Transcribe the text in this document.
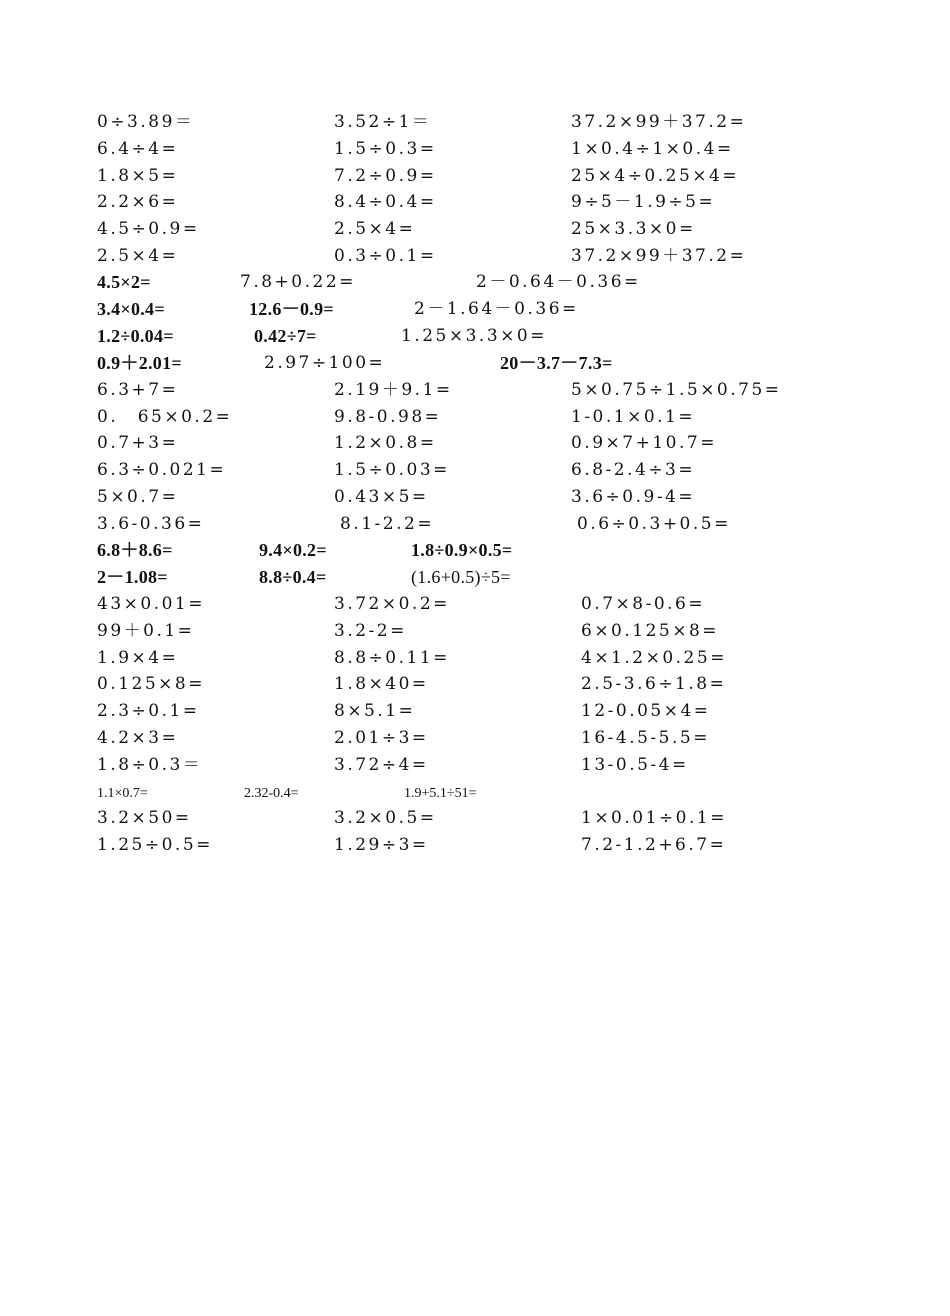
0÷3.89＝	3.52÷1＝	37.2×99＋37.2=
6.4÷4=	1.5÷0.3=	1×0.4÷1×0.4=
1.8×5=	7.2÷0.9=	25×4÷0.25×4=
2.2×6=	8.4÷0.4=	9÷5－1.9÷5=
4.5÷0.9=	2.5×4=	25×3.3×0=
2.5×4=	0.3÷0.1=	37.2×99＋37.2=
4.5×2=	7.8+0.22=	2－0.64－0.36=
3.4×0.4=	12.6－0.9=	2－1.64－0.36=
1.2÷0.04=	0.42÷7=	1.25×3.3×0=
0.9＋2.01=	2.97÷100=	20－3.7－7.3=
6.3+7=	2.19＋9.1=	5×0.75÷1.5×0.75=
0.　65×0.2=	9.8-0.98=	1-0.1×0.1=
0.7+3=	1.2×0.8=	0.9×7+10.7=
6.3÷0.021=	1.5÷0.03=	6.8-2.4÷3=
5×0.7=	0.43×5=	3.6÷0.9-4=
3.6-0.36=	8.1-2.2=	0.6÷0.3+0.5=
6.8＋8.6=	9.4×0.2=	1.8÷0.9×0.5=
2－1.08=	8.8÷0.4=	(1.6+0.5)÷5=
43×0.01=	3.72×0.2=	0.7×8-0.6=
99＋0.1=	3.2-2=	6×0.125×8=
1.9×4=	8.8÷0.11=	4×1.2×0.25=
0.125×8=	1.8×40=	2.5-3.6÷1.8=
2.3÷0.1=	8×5.1=	12-0.05×4=
4.2×3=	2.01÷3=	16-4.5-5.5=
1.8÷0.3＝	3.72÷4=	13-0.5-4=
1.1×0.7=	2.32-0.4=	1.9+5.1÷51=
3.2×50=	3.2×0.5=	1×0.01÷0.1=
1.25÷0.5=	1.29÷3=	7.2-1.2+6.7=
